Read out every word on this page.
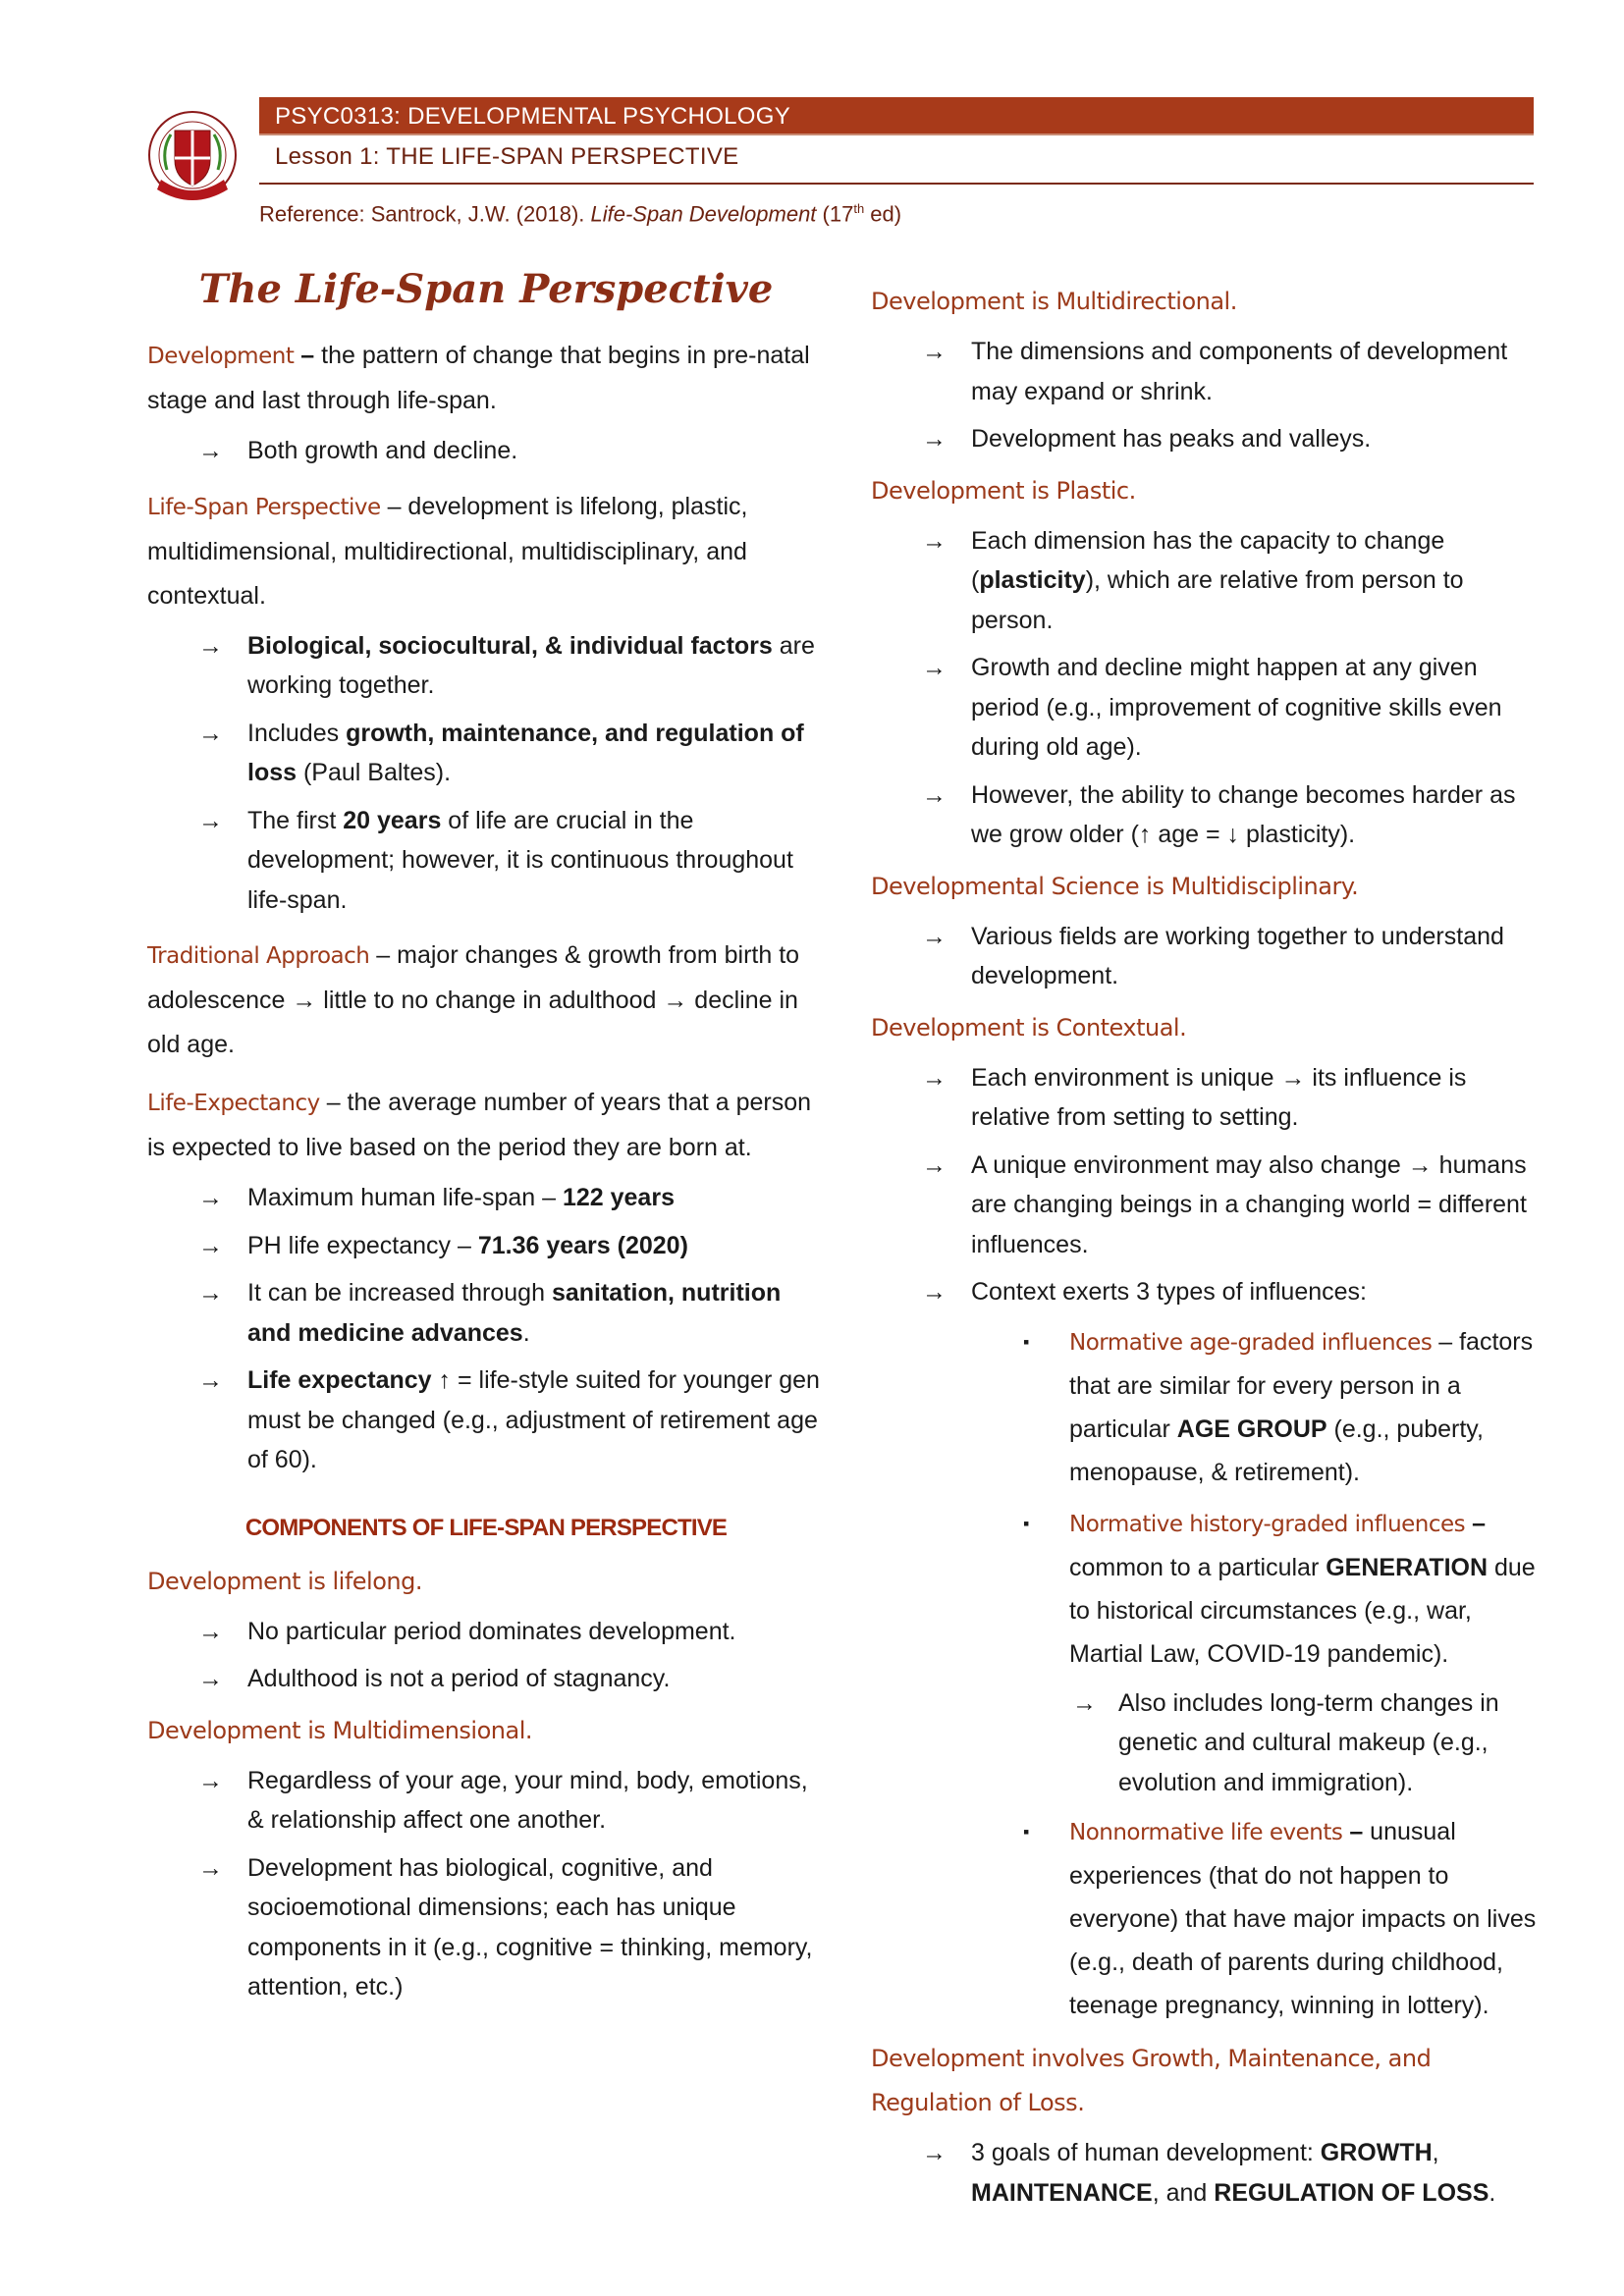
PSYC0313: DEVELOPMENTAL PSYCHOLOGY
Lesson 1: THE LIFE-SPAN PERSPECTIVE
Reference: Santrock, J.W. (2018). Life-Span Development (17th ed)
The Life-Span Perspective
Development – the pattern of change that begins in pre-natal stage and last through life-span.
→ Both growth and decline.
Life-Span Perspective – development is lifelong, plastic, multidimensional, multidirectional, multidisciplinary, and contextual.
→ Biological, sociocultural, & individual factors are working together.
→ Includes growth, maintenance, and regulation of loss (Paul Baltes).
→ The first 20 years of life are crucial in the development; however, it is continuous throughout life-span.
Traditional Approach – major changes & growth from birth to adolescence → little to no change in adulthood → decline in old age.
Life-Expectancy – the average number of years that a person is expected to live based on the period they are born at.
→ Maximum human life-span – 122 years
→ PH life expectancy – 71.36 years (2020)
→ It can be increased through sanitation, nutrition and medicine advances.
→ Life expectancy ↑ = life-style suited for younger gen must be changed (e.g., adjustment of retirement age of 60).
COMPONENTS OF LIFE-SPAN PERSPECTIVE
Development is lifelong.
→ No particular period dominates development.
→ Adulthood is not a period of stagnancy.
Development is Multidimensional.
→ Regardless of your age, your mind, body, emotions, & relationship affect one another.
→ Development has biological, cognitive, and socioemotional dimensions; each has unique components in it (e.g., cognitive = thinking, memory, attention, etc.)
Development is Multidirectional.
→ The dimensions and components of development may expand or shrink.
→ Development has peaks and valleys.
Development is Plastic.
→ Each dimension has the capacity to change (plasticity), which are relative from person to person.
→ Growth and decline might happen at any given period (e.g., improvement of cognitive skills even during old age).
→ However, the ability to change becomes harder as we grow older (↑ age = ↓ plasticity).
Developmental Science is Multidisciplinary.
→ Various fields are working together to understand development.
Development is Contextual.
→ Each environment is unique → its influence is relative from setting to setting.
→ A unique environment may also change → humans are changing beings in a changing world = different influences.
→ Context exerts 3 types of influences:
▪ Normative age-graded influences – factors that are similar for every person in a particular AGE GROUP (e.g., puberty, menopause, & retirement).
▪ Normative history-graded influences – common to a particular GENERATION due to historical circumstances (e.g., war, Martial Law, COVID-19 pandemic).
→ Also includes long-term changes in genetic and cultural makeup (e.g., evolution and immigration).
▪ Nonnormative life events – unusual experiences (that do not happen to everyone) that have major impacts on lives (e.g., death of parents during childhood, teenage pregnancy, winning in lottery).
Development involves Growth, Maintenance, and Regulation of Loss.
→ 3 goals of human development: GROWTH, MAINTENANCE, and REGULATION OF LOSS.
